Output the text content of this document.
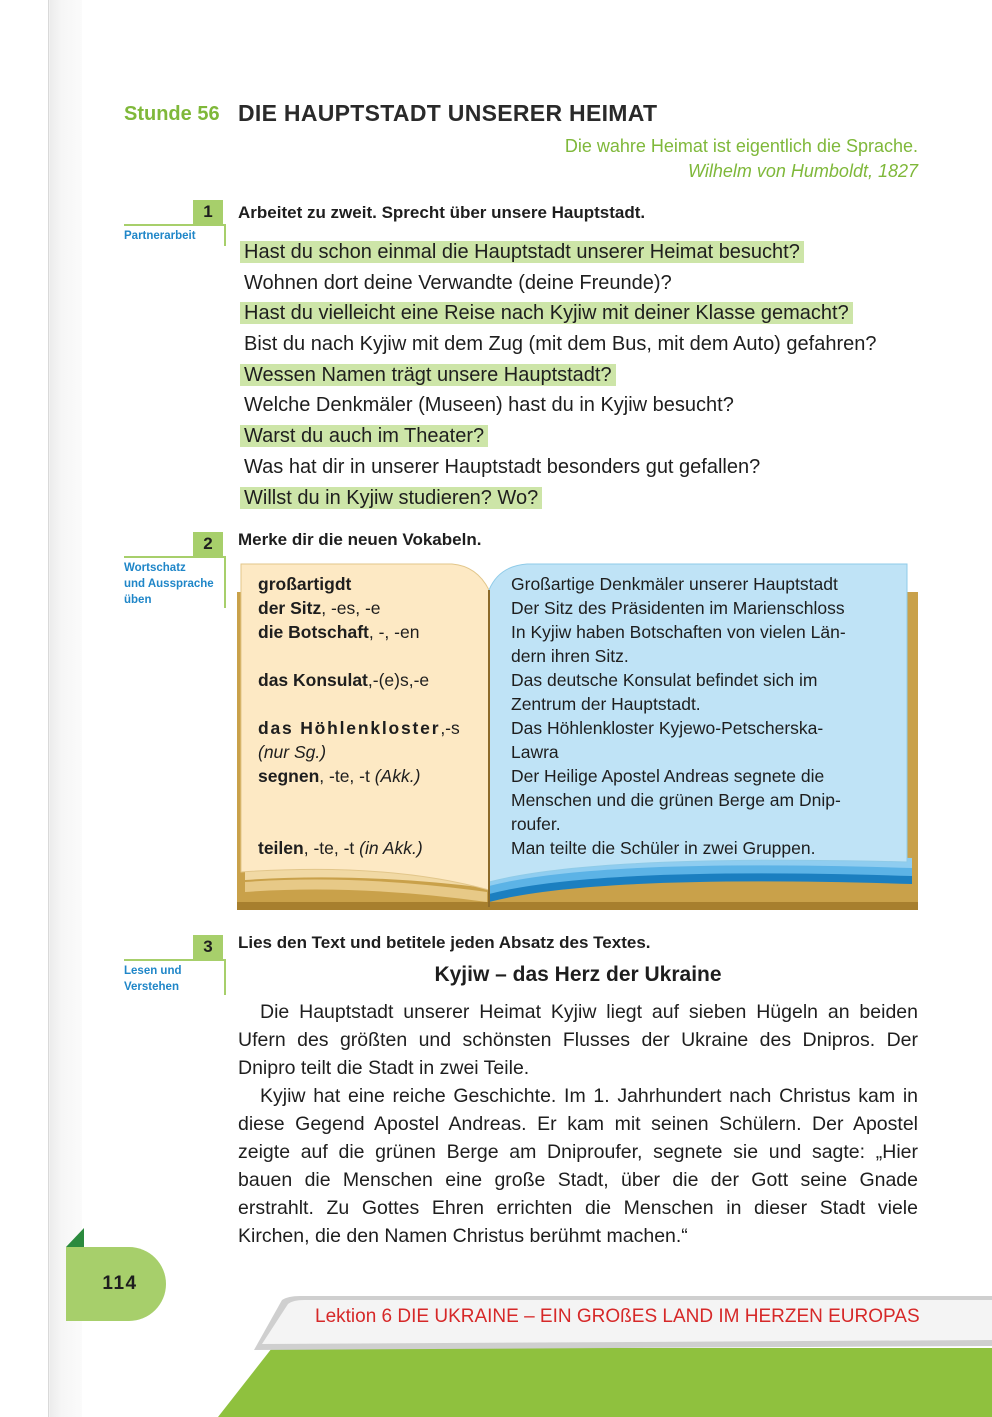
Stunde 56 DIE HAUPTSTADT UNSERER HEIMAT
Die wahre Heimat ist eigentlich die Sprache.
Wilhelm von Humboldt, 1827
1
Partnerarbeit
Arbeitet zu zweit. Sprecht über unsere Hauptstadt.
Hast du schon einmal die Hauptstadt unserer Heimat besucht?
Wohnen dort deine Verwandte (deine Freunde)?
Hast du vielleicht eine Reise nach Kyjiw mit deiner Klasse gemacht?
Bist du nach Kyjiw mit dem Zug (mit dem Bus, mit dem Auto) gefahren?
Wessen Namen trägt unsere Hauptstadt?
Welche Denkmäler (Museen) hast du in Kyjiw besucht?
Warst du auch im Theater?
Was hat dir in unserer Hauptstadt besonders gut gefallen?
Willst du in Kyjiw studieren? Wo?
2
Wortschatz
und Aussprache
üben
Merke dir die neuen Vokabeln.
großartigdt
der Sitz, -es, -e
die Botschaft, -, -en
das Konsulat,-(e)s,-e
das Höhlenkloster,-s
(nur Sg.)
segnen, -te, -t (Akk.)
teilen, -te, -t (in Akk.)
Großartige Denkmäler unserer Hauptstadt
Der Sitz des Präsidenten im Marienschloss
In Kyjiw haben Botschaften von vielen Län-
dern ihren Sitz.
Das deutsche Konsulat befindet sich im
Zentrum der Hauptstadt.
Das Höhlenkloster Kyjewo-Petscherska-
Lawra
Der Heilige Apostel Andreas segnete die
Menschen und die grünen Berge am Dnip-
roufer.
Man teilte die Schüler in zwei Gruppen.
3
Lesen und
Verstehen
Lies den Text und betitele jeden Absatz des Textes.
Kyjiw – das Herz der Ukraine

Die Hauptstadt unserer Heimat Kyjiw liegt auf sieben Hügeln an beiden Ufern des größten und schönsten Flusses der Ukraine des Dnipros. Der Dnipro teilt die Stadt in zwei Teile.

Kyjiw hat eine reiche Geschichte. Im 1. Jahrhundert nach Christus kam in diese Gegend Apostel Andreas. Er kam mit seinen Schülern. Der Apostel zeigte auf die grünen Berge am Dniproufer, segnete sie und sagte: „Hier bauen die Menschen eine große Stadt, über die der Gott seine Gnade erstrahlt. Zu Gottes Ehren errichten die Menschen in dieser Stadt viele Kirchen, die den Namen Christus berühmt machen.“

114
Lektion 6 DIE UKRAINE – EIN GROßES LAND IM HERZEN EUROPAS
